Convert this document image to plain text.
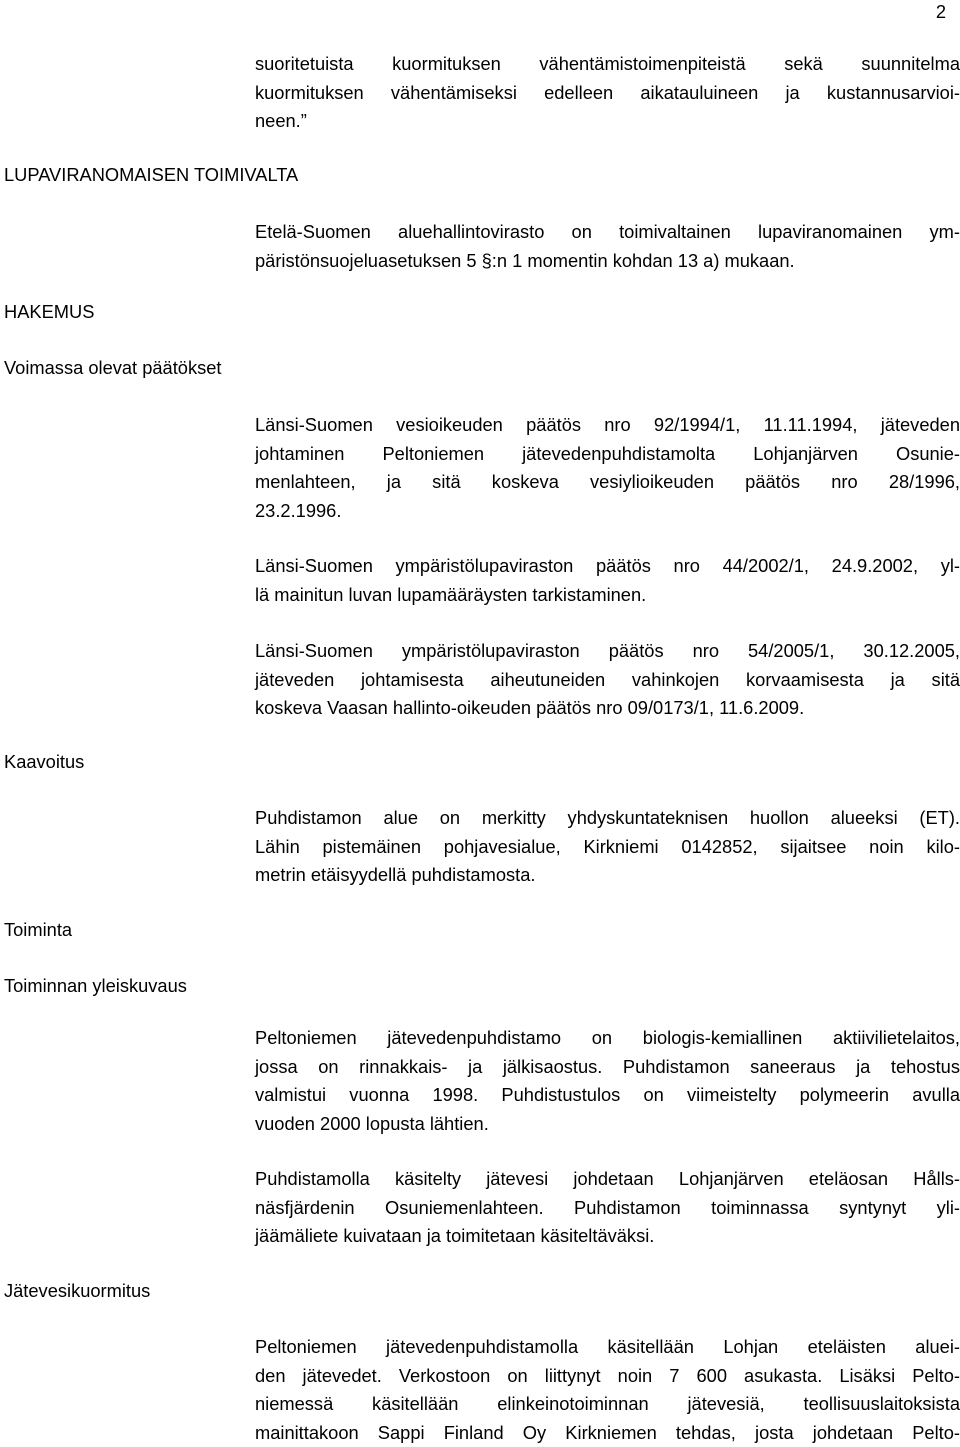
2
suoritetuista kuormituksen vähentämistoimenpiteistä sekä suunnitelma
kuormituksen vähentämiseksi edelleen aikatauluineen ja kustannusarvioi-
neen.”
LUPAVIRANOMAISEN TOIMIVALTA
Etelä-Suomen aluehallintovirasto on toimivaltainen lupaviranomainen ym-
päristönsuojeluasetuksen 5 §:n 1 momentin kohdan 13 a) mukaan.
HAKEMUS
Voimassa olevat päätökset
Länsi-Suomen vesioikeuden päätös nro 92/1994/1, 11.11.1994, jäteveden
johtaminen Peltoniemen jätevedenpuhdistamolta Lohjanjärven Osunie-
menlahteen, ja sitä koskeva vesiylioikeuden päätös nro 28/1996,
23.2.1996.
Länsi-Suomen ympäristölupaviraston päätös nro 44/2002/1, 24.9.2002, yl-
lä mainitun luvan lupamääräysten tarkistaminen.
Länsi-Suomen ympäristölupaviraston päätös nro 54/2005/1, 30.12.2005,
jäteveden johtamisesta aiheutuneiden vahinkojen korvaamisesta ja sitä
koskeva Vaasan hallinto-oikeuden päätös nro 09/0173/1, 11.6.2009.
Kaavoitus
Puhdistamon alue on merkitty yhdyskuntateknisen huollon alueeksi (ET).
Lähin pistemäinen pohjavesialue, Kirkniemi 0142852, sijaitsee noin kilo-
metrin etäisyydellä puhdistamosta.
Toiminta
Toiminnan yleiskuvaus
Peltoniemen jätevedenpuhdistamo on biologis-kemiallinen aktiivilietelaitos,
jossa on rinnakkais- ja jälkisaostus. Puhdistamon saneeraus ja tehostus
valmistui vuonna 1998. Puhdistustulos on viimeistelty polymeerin avulla
vuoden 2000 lopusta lähtien.
Puhdistamolla käsitelty jätevesi johdetaan Lohjanjärven eteläosan Hålls-
näsfjärdenin Osuniemenlahteen. Puhdistamon toiminnassa syntynyt yli-
jäämäliete kuivataan ja toimitetaan käsiteltäväksi.
Jätevesikuormitus
Peltoniemen jätevedenpuhdistamolla käsitellään Lohjan eteläisten aluei-
den jätevedet. Verkostoon on liittynyt noin 7 600 asukasta. Lisäksi Pelto-
niemessä käsitellään elinkeinotoiminnan jätevesiä, teollisuuslaitoksista
mainittakoon Sappi Finland Oy Kirkniemen tehdas, josta johdetaan Pelto-
